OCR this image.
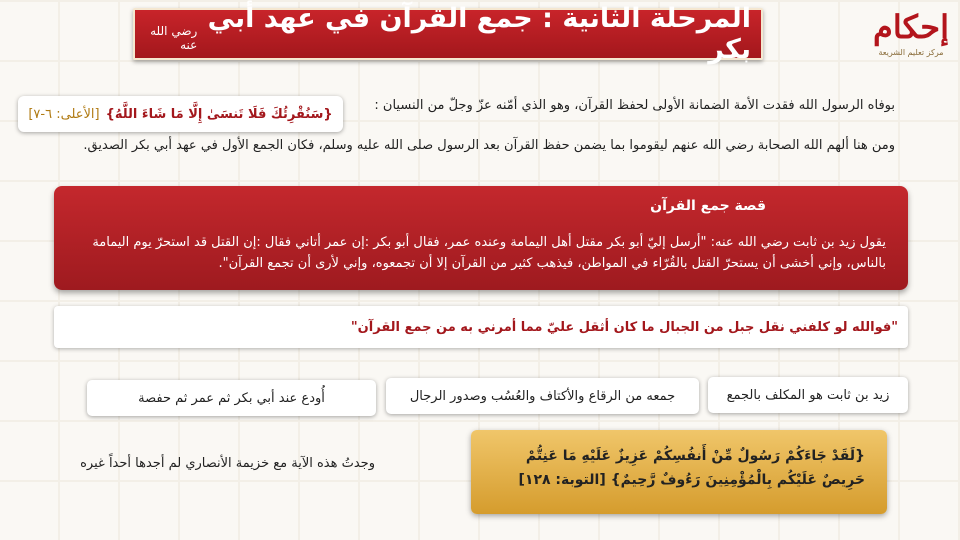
المرحلة الثانية : جمع القرآن في عهد أبي بكر
رضي الله عنه	إحكام
مركز تعليم الشريعة
بوفاه الرسول الله فقدت الأمة الضمانة الأولى لحفظ القرآن، وهو الذي أمّنه عزّ وجلّ من النسيان :
{سَنُقْرِئُكَ فَلَا تَنسَىٰ إِلَّا مَا شَاءَ اللَّهُ}
[الأعلى: ٦-٧]
ومن هنا ألهم الله الصحابة رضي الله عنهم ليقوموا بما يضمن حفظ القرآن بعد الرسول صلى الله عليه وسلم، فكان الجمع الأول في عهد أبي بكر الصديق.
قصة جمع القرآن
يقول زيد بن ثابت رضي الله عنه: "أرسل إليّ أبو بكر مقتل أهل اليمامة وعنده عمر، فقال أبو بكر :إن عمر أتاني فقال :إن القتل قد استحرّ يوم اليمامة بالناس، وإني أخشى أن يستحرّ القتل بالقُرّاء في المواطن، فيذهب كثير من القرآن إلا أن تجمعوه، وإني لأرى أن تجمع القرآن".
"فوالله لو كلفني نقل جبل من الجبال ما كان أثقل عليّ مما أمرني به من جمع القرآن"
زيد بن ثابت هو المكلف بالجمع
جمعه من الرقاع والأكتاف والعُسُب وصدور الرجال
أُودع عند أبي بكر ثم عمر ثم حفصة
وجدتُ هذه الآية مع خزيمة الأنصاري لم أجدها أحداً غيره	{لَقَدْ جَاءَكُمْ رَسُولٌ مِّنْ أَنفُسِكُمْ عَزِيزٌ عَلَيْهِ مَا عَنِتُّمْ حَرِيصٌ عَلَيْكُم بِالْمُؤْمِنِينَ رَءُوفٌ رَّحِيمٌ} [التوبة: ١٢٨]
